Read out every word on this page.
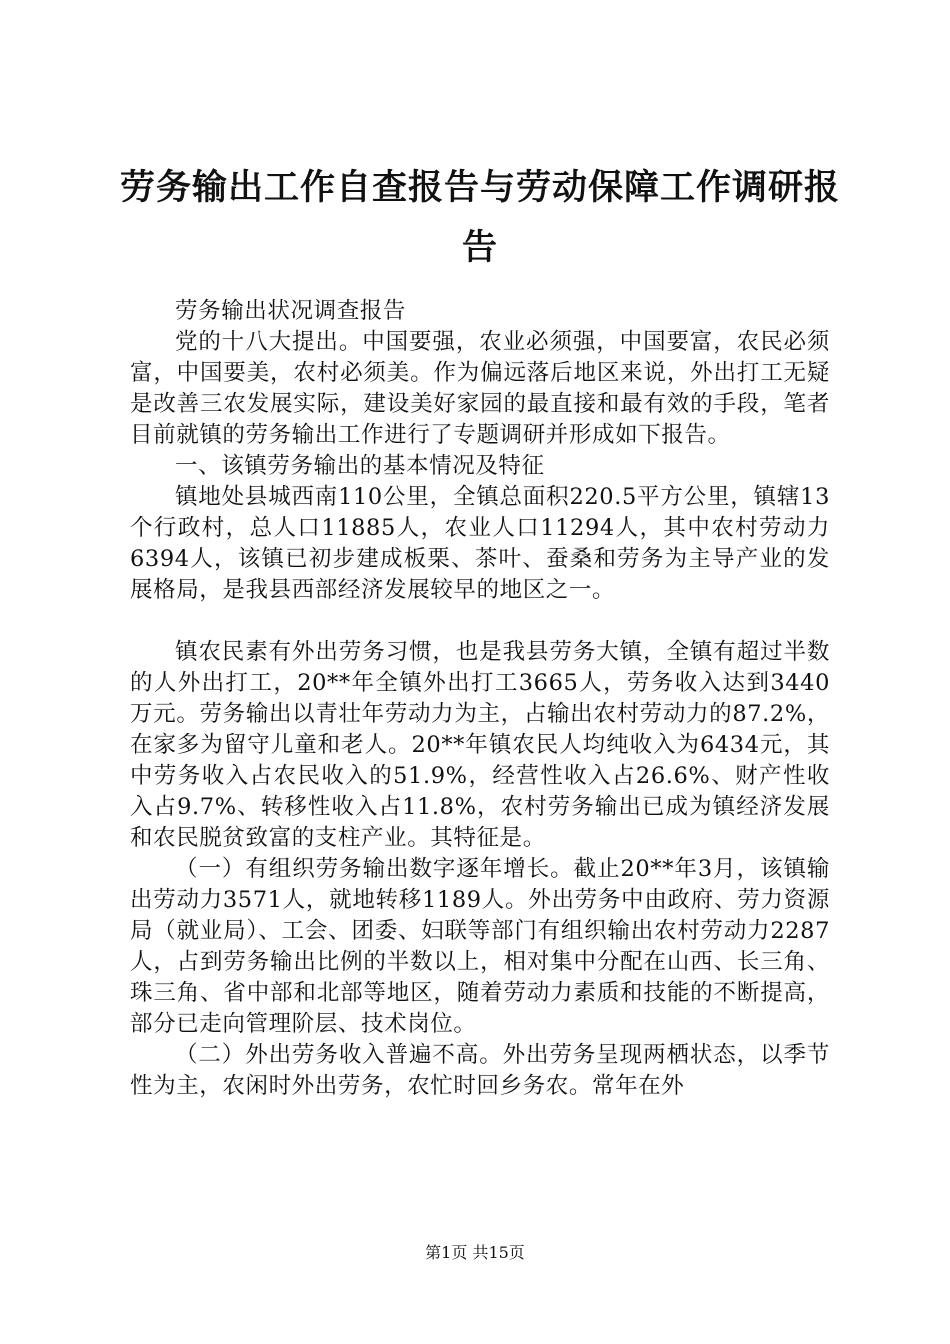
劳务输出工作自查报告与劳动保障工作调研报
告

劳务输出状况调查报告

党的十八大提出。中国要强，农业必须强，中国要富，农民必须富，中国要美，农村必须美。作为偏远落后地区来说，外出打工无疑是改善三农发展实际，建设美好家园的最直接和最有效的手段，笔者目前就镇的劳务输出工作进行了专题调研并形成如下报告。

一、该镇劳务输出的基本情况及特征

镇地处县城西南110公里，全镇总面积220.5平方公里，镇辖13个行政村，总人口11885人，农业人口11294人，其中农村劳动力6394人，该镇已初步建成板栗、茶叶、蚕桑和劳务为主导产业的发展格局，是我县西部经济发展较早的地区之一。

镇农民素有外出劳务习惯，也是我县劳务大镇，全镇有超过半数的人外出打工，20**年全镇外出打工3665人，劳务收入达到3440万元。劳务输出以青壮年劳动力为主，占输出农村劳动力的87.2%，在家多为留守儿童和老人。20**年镇农民人均纯收入为6434元，其中劳务收入占农民收入的51.9%，经营性收入占26.6%、财产性收入占9.7%、转移性收入占11.8%，农村劳务输出已成为镇经济发展和农民脱贫致富的支柱产业。其特征是。

（一）有组织劳务输出数字逐年增长。截止20**年3月，该镇输出劳动力3571人，就地转移1189人。外出劳务中由政府、劳力资源局（就业局）、工会、团委、妇联等部门有组织输出农村劳动力2287人，占到劳务输出比例的半数以上，相对集中分配在山西、长三角、珠三角、省中部和北部等地区，随着劳动力素质和技能的不断提高，部分已走向管理阶层、技术岗位。

（二）外出劳务收入普遍不高。外出劳务呈现两栖状态，以季节性为主，农闲时外出劳务，农忙时回乡务农。常年在外

第1页 共15页
